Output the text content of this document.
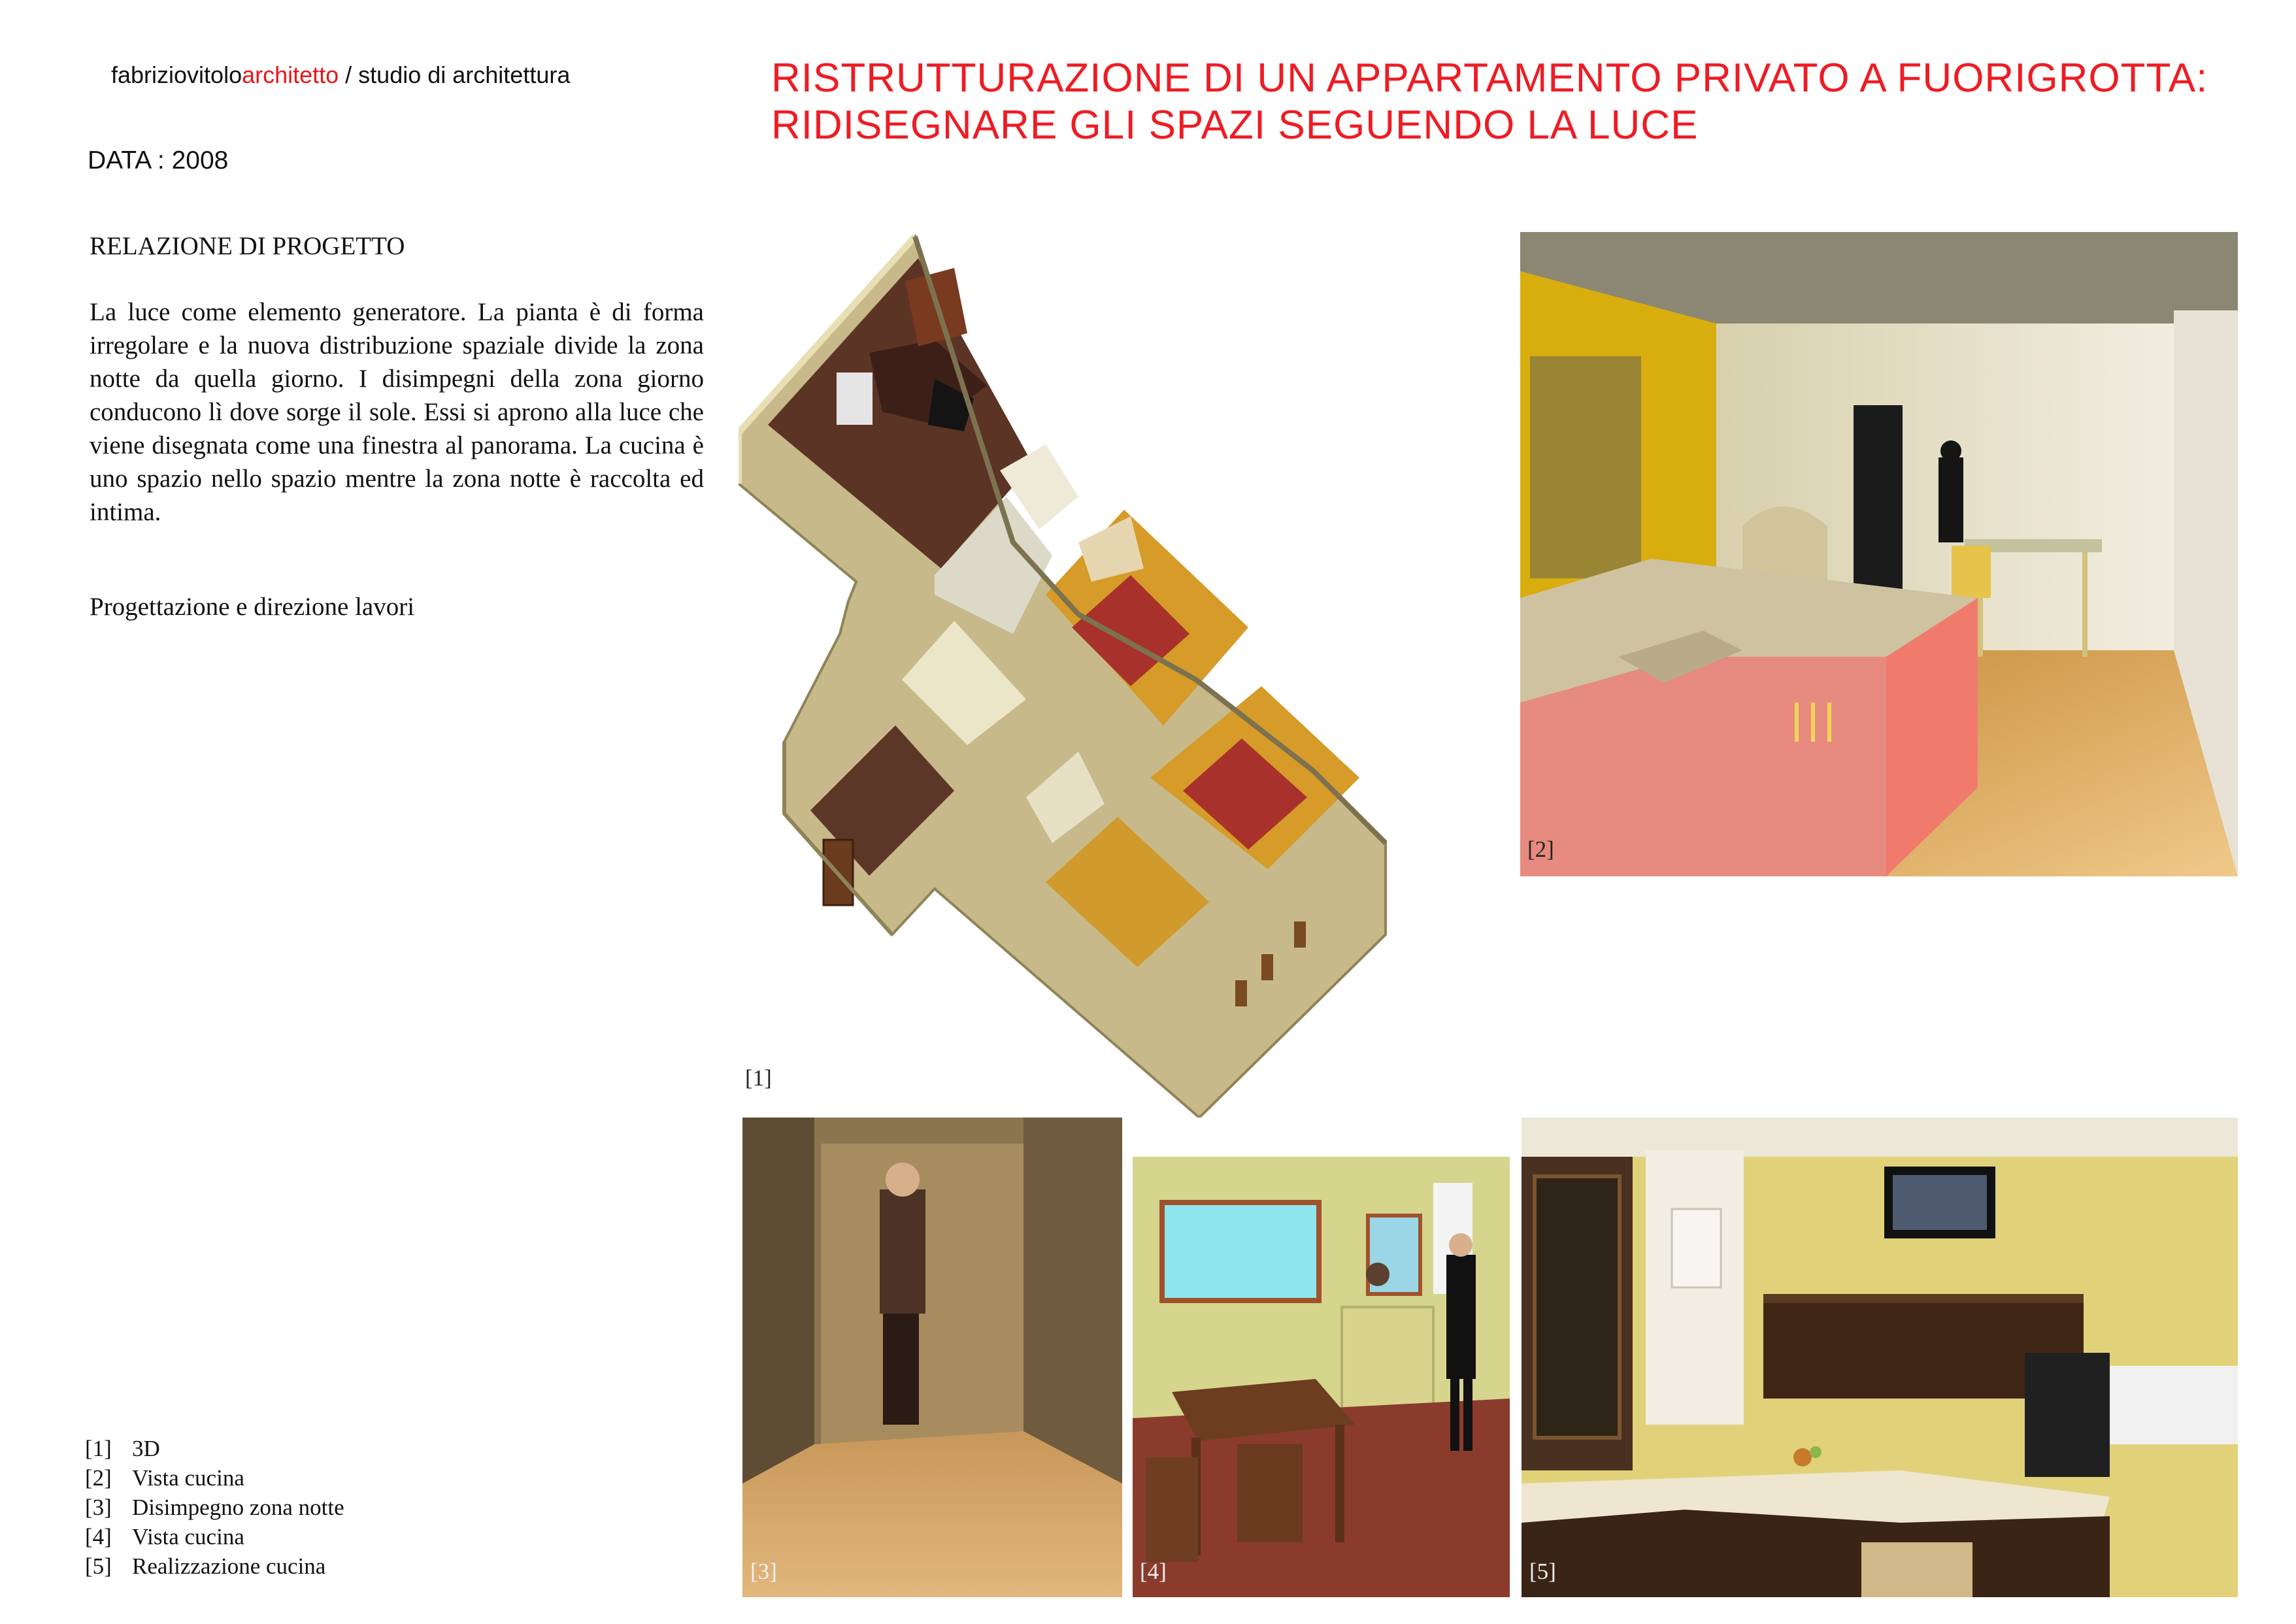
fabriziovitoloarchitetto / studio di architettura
DATA : 2008
RISTRUTTURAZIONE DI UN APPARTAMENTO PRIVATO A FUORIGROTTA:
RIDISEGNARE GLI SPAZI SEGUENDO LA LUCE
RELAZIONE DI PROGETTO
La luce come elemento generatore. La pianta è di forma irregolare e la nuova distribuzione spaziale divide la zona notte da quella giorno. I disimpegni della zona giorno conducono lì dove sorge il sole. Essi si aprono alla luce che viene disegnata come una finestra al panorama. La cucina è uno spazio nello spazio mentre la zona notte è raccolta ed intima.
Progettazione e direzione lavori
[1] 3D
[2] Vista cucina
[3] Disimpegno zona notte
[4] Vista cucina
[5] Realizzazione cucina
[1]
[2]
[3]	[4]	[5]
